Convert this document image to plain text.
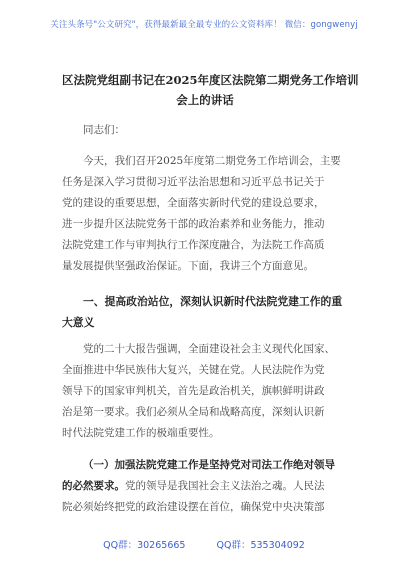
关注头条号"公文研究"，获得最新最全最专业的公文资料库！ 微信：gongwenyj
区法院党组副书记在2025年度区法院第二期党务工作培训
会上的讲话
同志们：
今天，我们召开2025年度第二期党务工作培训会，主要
任务是深入学习贯彻习近平法治思想和习近平总书记关于
党的建设的重要思想，全面落实新时代党的建设总要求，
进一步提升区法院党务干部的政治素养和业务能力，推动
法院党建工作与审判执行工作深度融合，为法院工作高质
量发展提供坚强政治保证。下面，我讲三个方面意见。
一、提高政治站位，深刻认识新时代法院党建工作的重
大意义
党的二十大报告强调，全面建设社会主义现代化国家、
全面推进中华民族伟大复兴，关键在党。人民法院作为党
领导下的国家审判机关，首先是政治机关，旗帜鲜明讲政
治是第一要求。我们必须从全局和战略高度，深刻认识新
时代法院党建工作的极端重要性。
（一）加强法院党建工作是坚持党对司法工作绝对领导
的必然要求。党的领导是我国社会主义法治之魂。人民法
院必须始终把党的政治建设摆在首位，确保党中央决策部
QQ群：30265665	QQ群：535304092
